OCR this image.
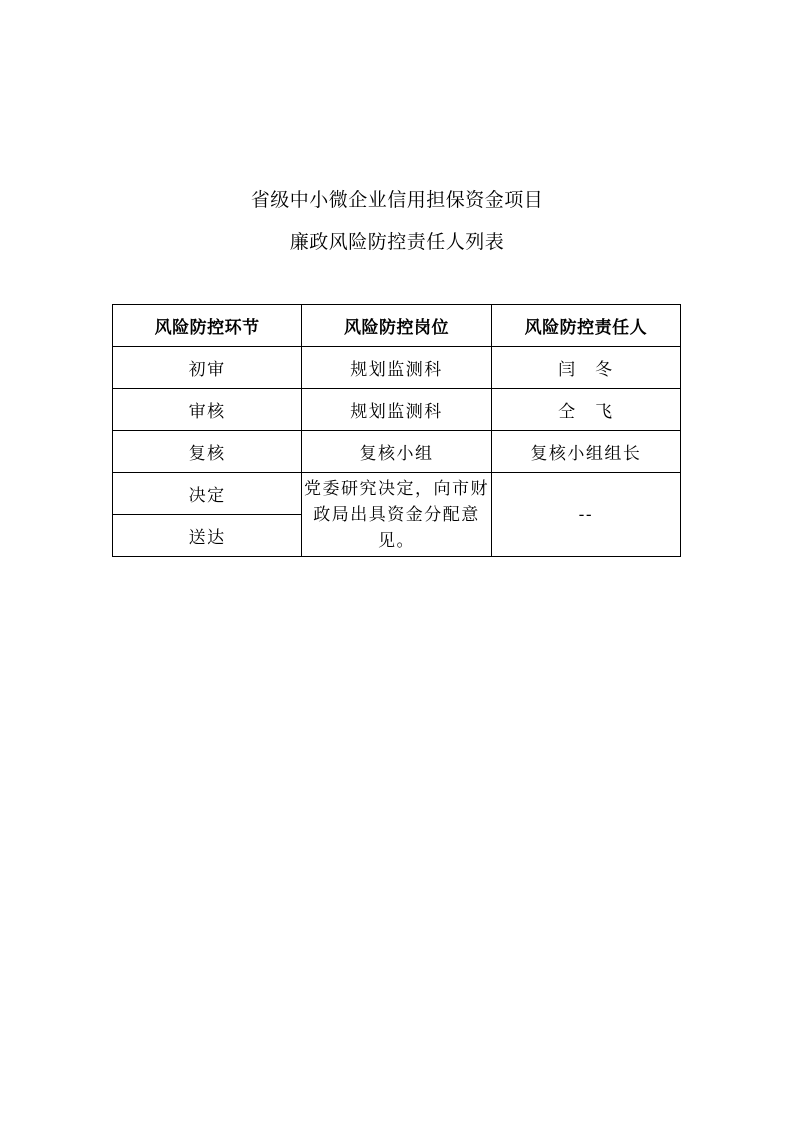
省级中小微企业信用担保资金项目
廉政风险防控责任人列表
风险防控环节	风险防控岗位	风险防控责任人
初审	规划监测科	闫　冬
审核	规划监测科	仝　飞
复核	复核小组	复核小组组长
决定	党委研究决定，向市财政局出具资金分配意见。	--
送达		
